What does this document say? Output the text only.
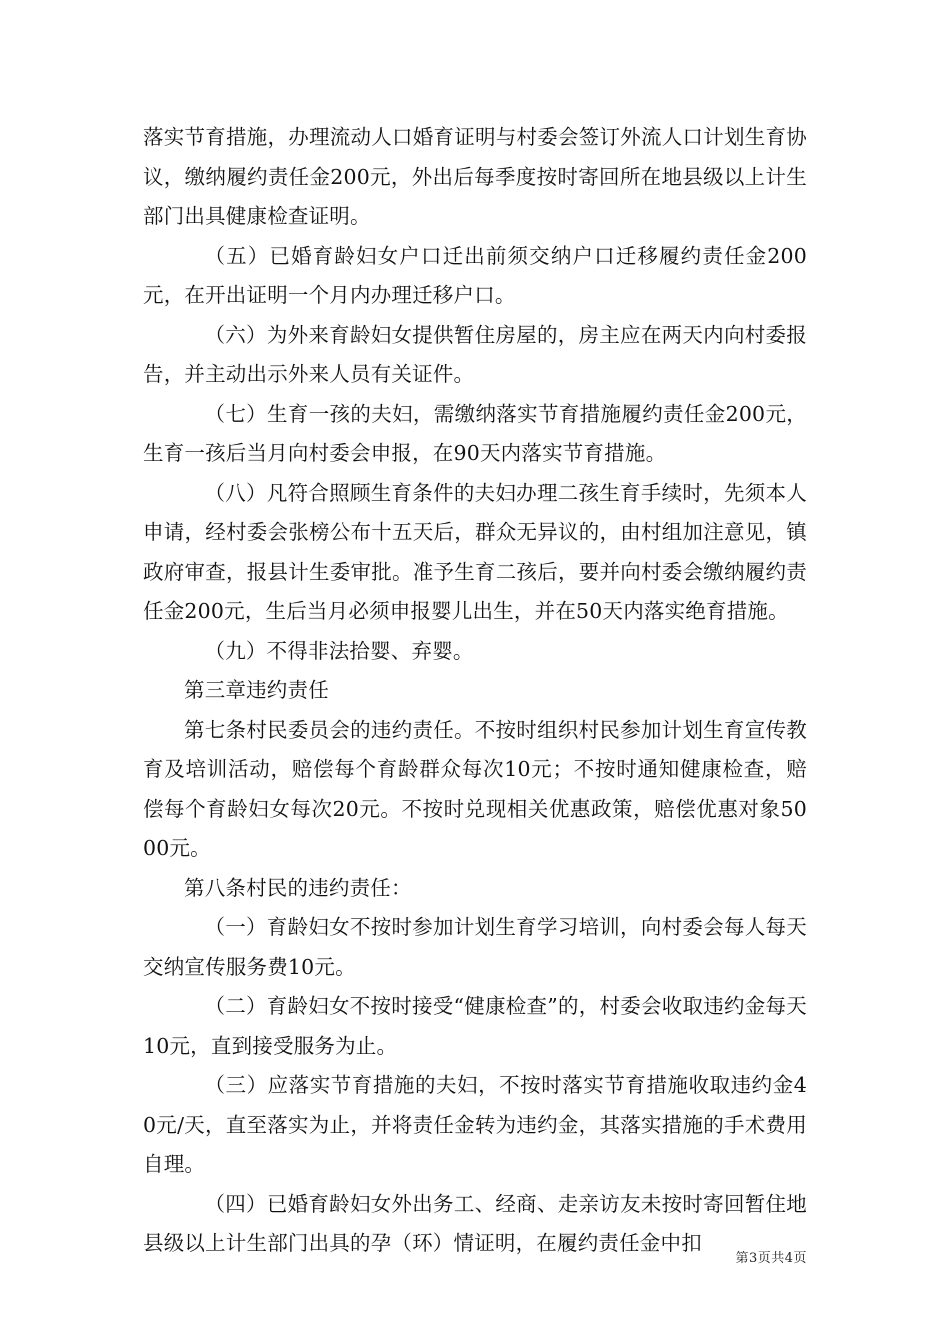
落实节育措施，办理流动人口婚育证明与村委会签订外流人口计划生育协议，缴纳履约责任金200元，外出后每季度按时寄回所在地县级以上计生部门出具健康检查证明。

（五）已婚育龄妇女户口迁出前须交纳户口迁移履约责任金200元，在开出证明一个月内办理迁移户口。

（六）为外来育龄妇女提供暂住房屋的，房主应在两天内向村委报告，并主动出示外来人员有关证件。

（七）生育一孩的夫妇，需缴纳落实节育措施履约责任金200元，生育一孩后当月向村委会申报，在90天内落实节育措施。

（八）凡符合照顾生育条件的夫妇办理二孩生育手续时，先须本人申请，经村委会张榜公布十五天后，群众无异议的，由村组加注意见，镇政府审查，报县计生委审批。准予生育二孩后，要并向村委会缴纳履约责任金200元，生后当月必须申报婴儿出生，并在50天内落实绝育措施。

（九）不得非法拾婴、弃婴。

第三章违约责任

第七条村民委员会的违约责任。不按时组织村民参加计划生育宣传教育及培训活动，赔偿每个育龄群众每次10元；不按时通知健康检查，赔偿每个育龄妇女每次20元。不按时兑现相关优惠政策，赔偿优惠对象5000元。

第八条村民的违约责任：

（一）育龄妇女不按时参加计划生育学习培训，向村委会每人每天交纳宣传服务费10元。

（二）育龄妇女不按时接受“健康检查”的，村委会收取违约金每天10元，直到接受服务为止。

（三）应落实节育措施的夫妇，不按时落实节育措施收取违约金40元/天，直至落实为止，并将责任金转为违约金，其落实措施的手术费用自理。

（四）已婚育龄妇女外出务工、经商、走亲访友未按时寄回暂住地县级以上计生部门出具的孕（环）情证明，在履约责任金中扣

第3页共4页
